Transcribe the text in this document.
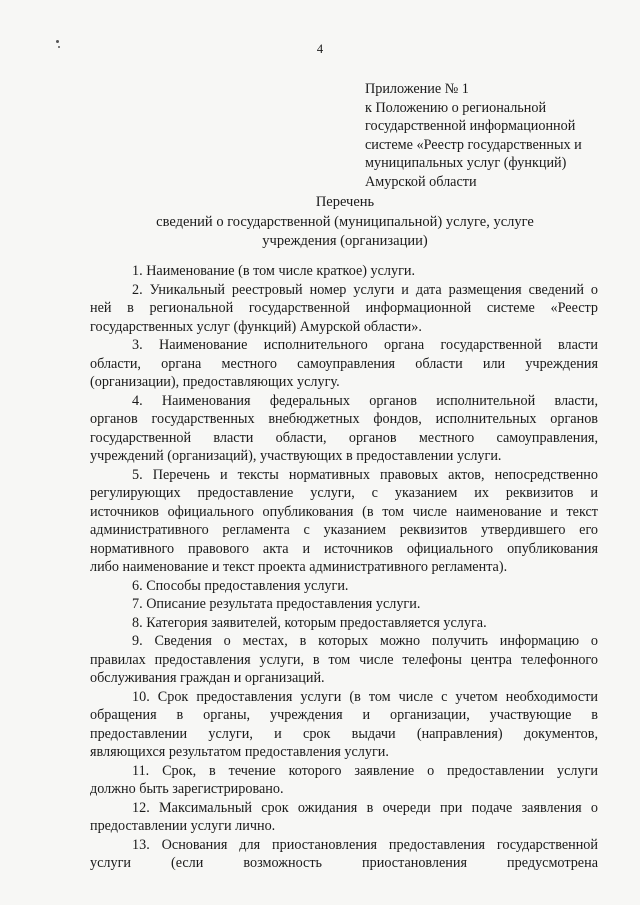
4
Приложение № 1
к Положению о региональной
государственной информационной
системе «Реестр государственных и
муниципальных услуг (функций)
Амурской области
Перечень
сведений о государственной (муниципальной) услуге, услуге
учреждения (организации)
1. Наименование (в том числе краткое) услуги.
2. Уникальный реестровый номер услуги и дата размещения сведений о
ней в региональной государственной информационной системе «Реестр
государственных услуг (функций) Амурской области».
3. Наименование исполнительного органа государственной власти
области, органа местного самоуправления области или учреждения
(организации), предоставляющих услугу.
4. Наименования федеральных органов исполнительной власти,
органов государственных внебюджетных фондов, исполнительных органов
государственной власти области, органов местного самоуправления,
учреждений (организаций), участвующих в предоставлении услуги.
5. Перечень и тексты нормативных правовых актов, непосредственно
регулирующих предоставление услуги, с указанием их реквизитов и
источников официального опубликования (в том числе наименование и текст
административного регламента с указанием реквизитов утвердившего его
нормативного правового акта и источников официального опубликования
либо наименование и текст проекта административного регламента).
6. Способы предоставления услуги.
7. Описание результата предоставления услуги.
8. Категория заявителей, которым предоставляется услуга.
9. Сведения о местах, в которых можно получить информацию о
правилах предоставления услуги, в том числе телефоны центра телефонного
обслуживания граждан и организаций.
10. Срок предоставления услуги (в том числе с учетом необходимости
обращения в органы, учреждения и организации, участвующие в
предоставлении услуги, и срок выдачи (направления) документов,
являющихся результатом предоставления услуги.
11. Срок, в течение которого заявление о предоставлении услуги
должно быть зарегистрировано.
12. Максимальный срок ожидания в очереди при подаче заявления о
предоставлении услуги лично.
13. Основания для приостановления предоставления государственной
услуги (если возможность приостановления предусмотрена
